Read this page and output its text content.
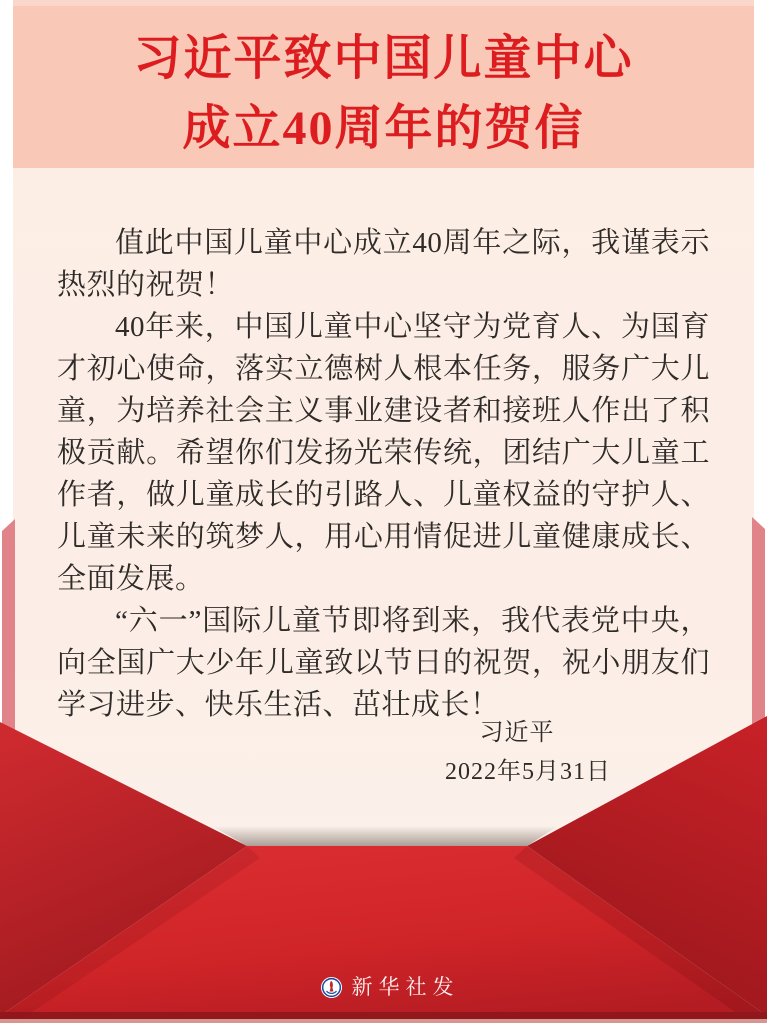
习近平致中国儿童中心
成立40周年的贺信

值此中国儿童中心成立40周年之际，我谨表示热烈的祝贺！

40年来，中国儿童中心坚守为党育人、为国育才初心使命，落实立德树人根本任务，服务广大儿童，为培养社会主义事业建设者和接班人作出了积极贡献。希望你们发扬光荣传统，团结广大儿童工作者，做儿童成长的引路人、儿童权益的守护人、儿童未来的筑梦人，用心用情促进儿童健康成长、全面发展。

“六一”国际儿童节即将到来，我代表党中央，向全国广大少年儿童致以节日的祝贺，祝小朋友们学习进步、快乐生活、茁壮成长！

习近平
2022年5月31日
新华社发
